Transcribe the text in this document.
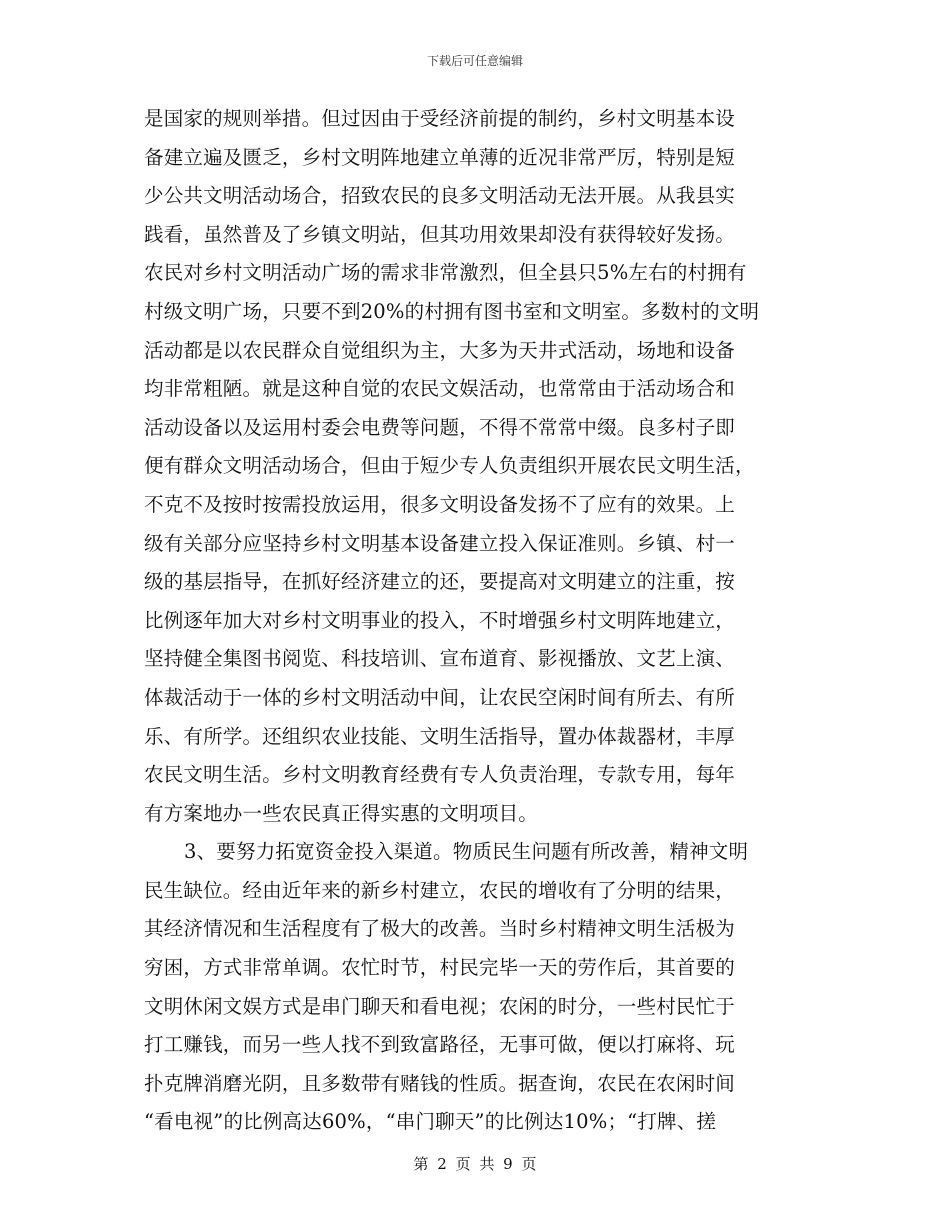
下载后可任意编辑
是国家的规则举措。但过因由于受经济前提的制约，乡村文明基本设
备建立遍及匮乏，乡村文明阵地建立单薄的近况非常严厉，特别是短
少公共文明活动场合，招致农民的良多文明活动无法开展。从我县实
践看，虽然普及了乡镇文明站，但其功用效果却没有获得较好发扬。
农民对乡村文明活动广场的需求非常激烈，但全县只5%左右的村拥有
村级文明广场，只要不到20%的村拥有图书室和文明室。多数村的文明
活动都是以农民群众自觉组织为主，大多为天井式活动，场地和设备
均非常粗陋。就是这种自觉的农民文娱活动，也常常由于活动场合和
活动设备以及运用村委会电费等问题，不得不常常中缀。良多村子即
便有群众文明活动场合，但由于短少专人负责组织开展农民文明生活，
不克不及按时按需投放运用，很多文明设备发扬不了应有的效果。上
级有关部分应坚持乡村文明基本设备建立投入保证准则。乡镇、村一
级的基层指导，在抓好经济建立的还，要提高对文明建立的注重，按
比例逐年加大对乡村文明事业的投入，不时增强乡村文明阵地建立，
坚持健全集图书阅览、科技培训、宣布道育、影视播放、文艺上演、
体裁活动于一体的乡村文明活动中间，让农民空闲时间有所去、有所
乐、有所学。还组织农业技能、文明生活指导，置办体裁器材，丰厚
农民文明生活。乡村文明教育经费有专人负责治理，专款专用，每年
有方案地办一些农民真正得实惠的文明项目。
3、要努力拓宽资金投入渠道。物质民生问题有所改善，精神文明
民生缺位。经由近年来的新乡村建立，农民的增收有了分明的结果，
其经济情况和生活程度有了极大的改善。当时乡村精神文明生活极为
穷困，方式非常单调。农忙时节，村民完毕一天的劳作后，其首要的
文明休闲文娱方式是串门聊天和看电视；农闲的时分，一些村民忙于
打工赚钱，而另一些人找不到致富路径，无事可做，便以打麻将、玩
扑克牌消磨光阴，且多数带有赌钱的性质。据查询，农民在农闲时间
“看电视”的比例高达60%，“串门聊天”的比例达10%；“打牌、搓
第 2 页 共 9 页
